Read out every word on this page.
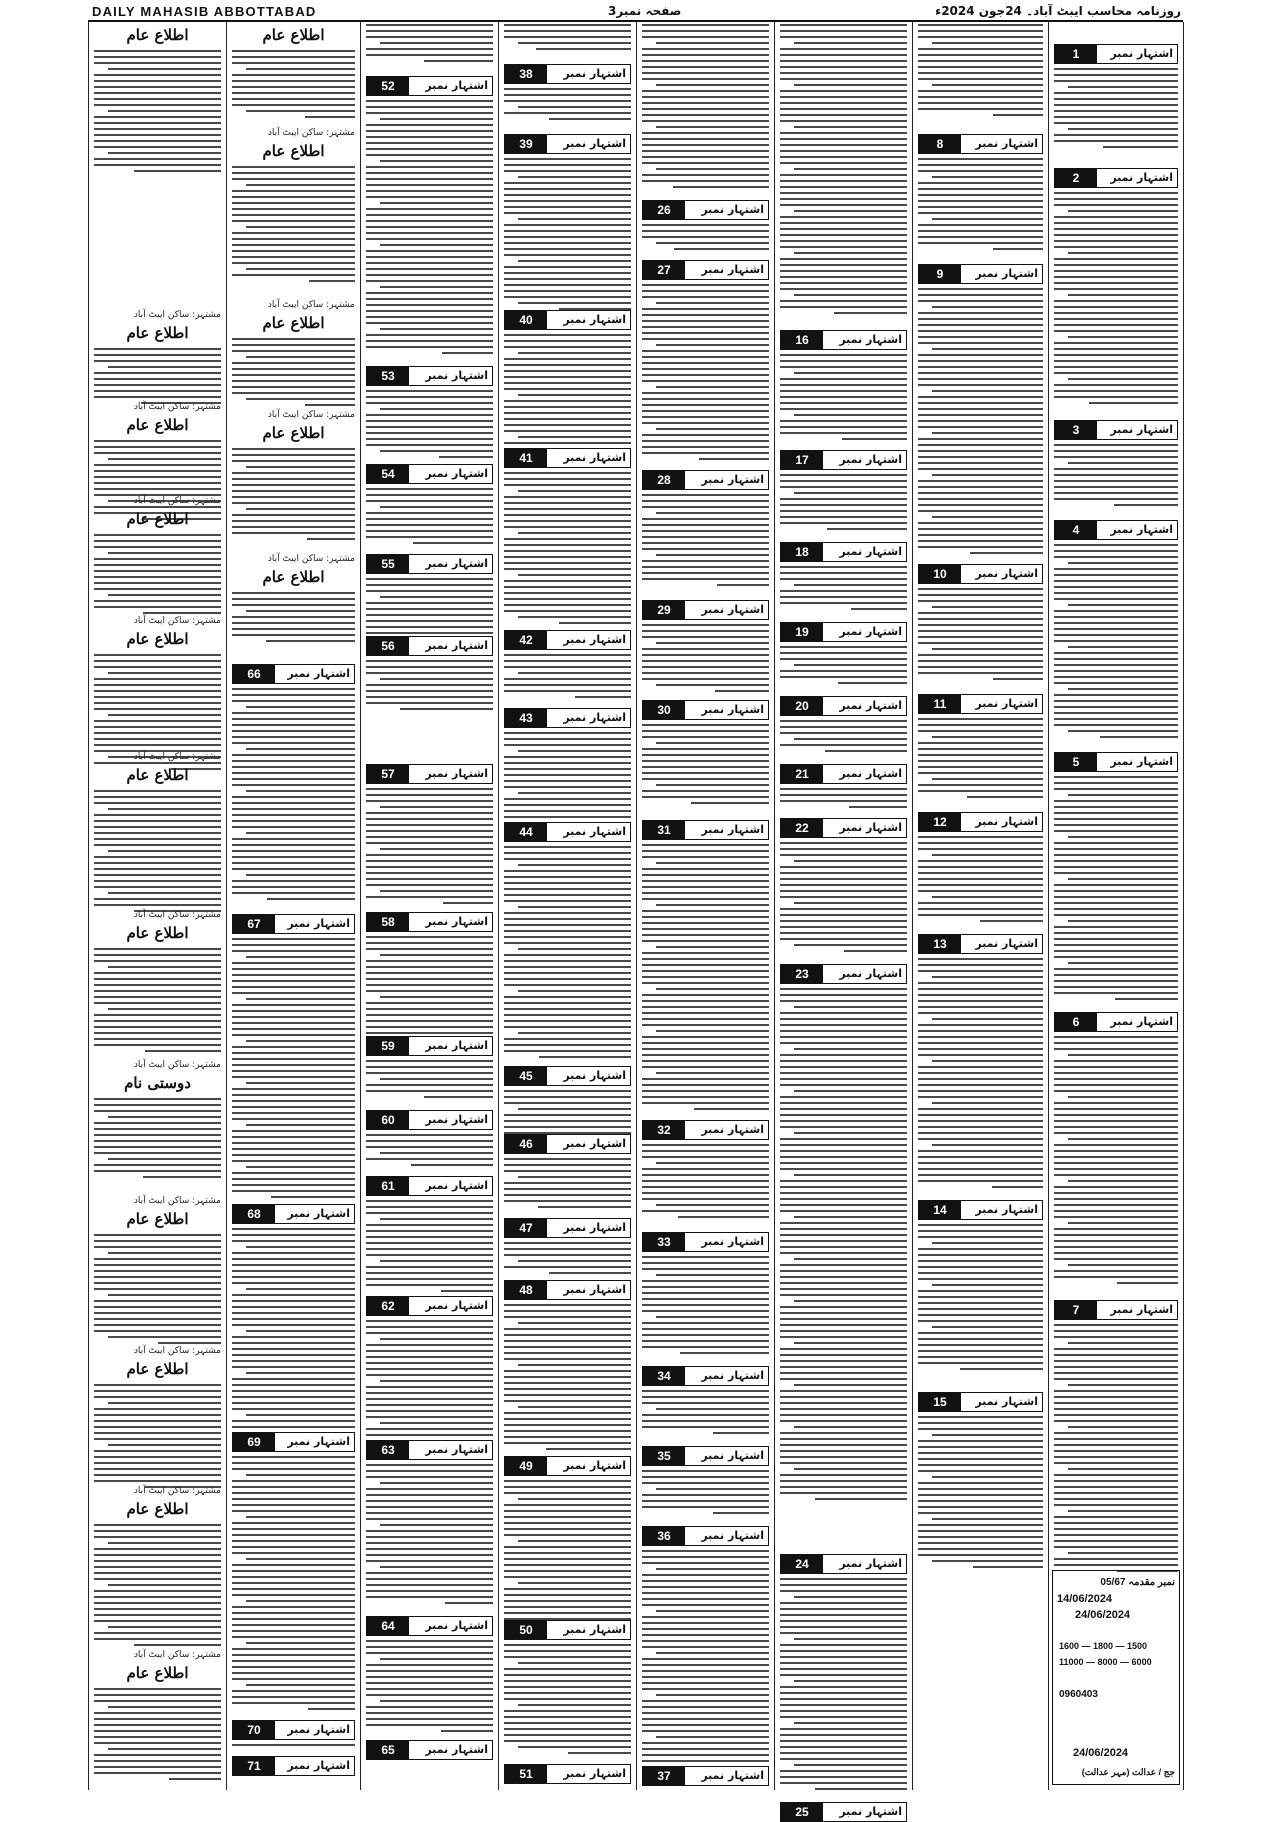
DAILY MAHASIB ABBOTTABAD	صفحہ نمبر3	روزنامہ محاسب ایبٹ آباد۔ 24جون 2024ء
اطلاع عام
اطلاع عام
مشتہر: ساکن ایبٹ آباد
اطلاع عام
مشتہر: ساکن ایبٹ آباد
اطلاع عام
مشتہر: ساکن ایبٹ آباد
اطلاع عام
مشتہر: ساکن ایبٹ آباد
اطلاع عام
مشتہر: ساکن ایبٹ آباد
اطلاع عام
مشتہر: ساکن ایبٹ آباد
دوستی نام
مشتہر: ساکن ایبٹ آباد
اطلاع عام
مشتہر: ساکن ایبٹ آباد
اطلاع عام
مشتہر: ساکن ایبٹ آباد
اطلاع عام
مشتہر: ساکن ایبٹ آباد
اطلاع عام
مشتہر: ساکن ایبٹ آباد
اطلاع عام
اطلاع عام
مشتہر: ساکن ایبٹ آباد
اطلاع عام
مشتہر: ساکن ایبٹ آباد
اطلاع عام
مشتہر: ساکن ایبٹ آباد
اطلاع عام
مشتہر: ساکن ایبٹ آباد
اشتہار نمبر
66
اشتہار نمبر
67
اشتہار نمبر
68
اشتہار نمبر
69
اشتہار نمبر
70
اشتہار نمبر
71
اشتہار نمبر
52
اشتہار نمبر
53
اشتہار نمبر
54
اشتہار نمبر
55
اشتہار نمبر
56
اشتہار نمبر
57
اشتہار نمبر
58
اشتہار نمبر
59
اشتہار نمبر
60
اشتہار نمبر
61
اشتہار نمبر
62
اشتہار نمبر
63
اشتہار نمبر
64
اشتہار نمبر
65
اشتہار نمبر
38
اشتہار نمبر
39
اشتہار نمبر
40
اشتہار نمبر
41
اشتہار نمبر
42
اشتہار نمبر
43
اشتہار نمبر
44
اشتہار نمبر
45
اشتہار نمبر
46
اشتہار نمبر
47
اشتہار نمبر
48
اشتہار نمبر
49
اشتہار نمبر
50
اشتہار نمبر
51
اشتہار نمبر
26
اشتہار نمبر
27
اشتہار نمبر
28
اشتہار نمبر
29
اشتہار نمبر
30
اشتہار نمبر
31
اشتہار نمبر
32
اشتہار نمبر
33
اشتہار نمبر
34
اشتہار نمبر
35
اشتہار نمبر
36
اشتہار نمبر
37
اشتہار نمبر
16
اشتہار نمبر
17
اشتہار نمبر
18
اشتہار نمبر
19
اشتہار نمبر
20
اشتہار نمبر
21
اشتہار نمبر
22
اشتہار نمبر
23
اشتہار نمبر
24
اشتہار نمبر
25
اشتہار نمبر
8
اشتہار نمبر
9
اشتہار نمبر
10
اشتہار نمبر
11
اشتہار نمبر
12
اشتہار نمبر
13
اشتہار نمبر
14
اشتہار نمبر
15
اشتہار نمبر
1
اشتہار نمبر
2
اشتہار نمبر
3
اشتہار نمبر
4
اشتہار نمبر
5
اشتہار نمبر
6
اشتہار نمبر
7
نمبر مقدمہ 05/67
14/06/2024
24/06/2024
1600 — 1800 — 1500
11000 — 8000 — 6000
0960403
24/06/2024
(مہر عدالت) جج / عدالت
